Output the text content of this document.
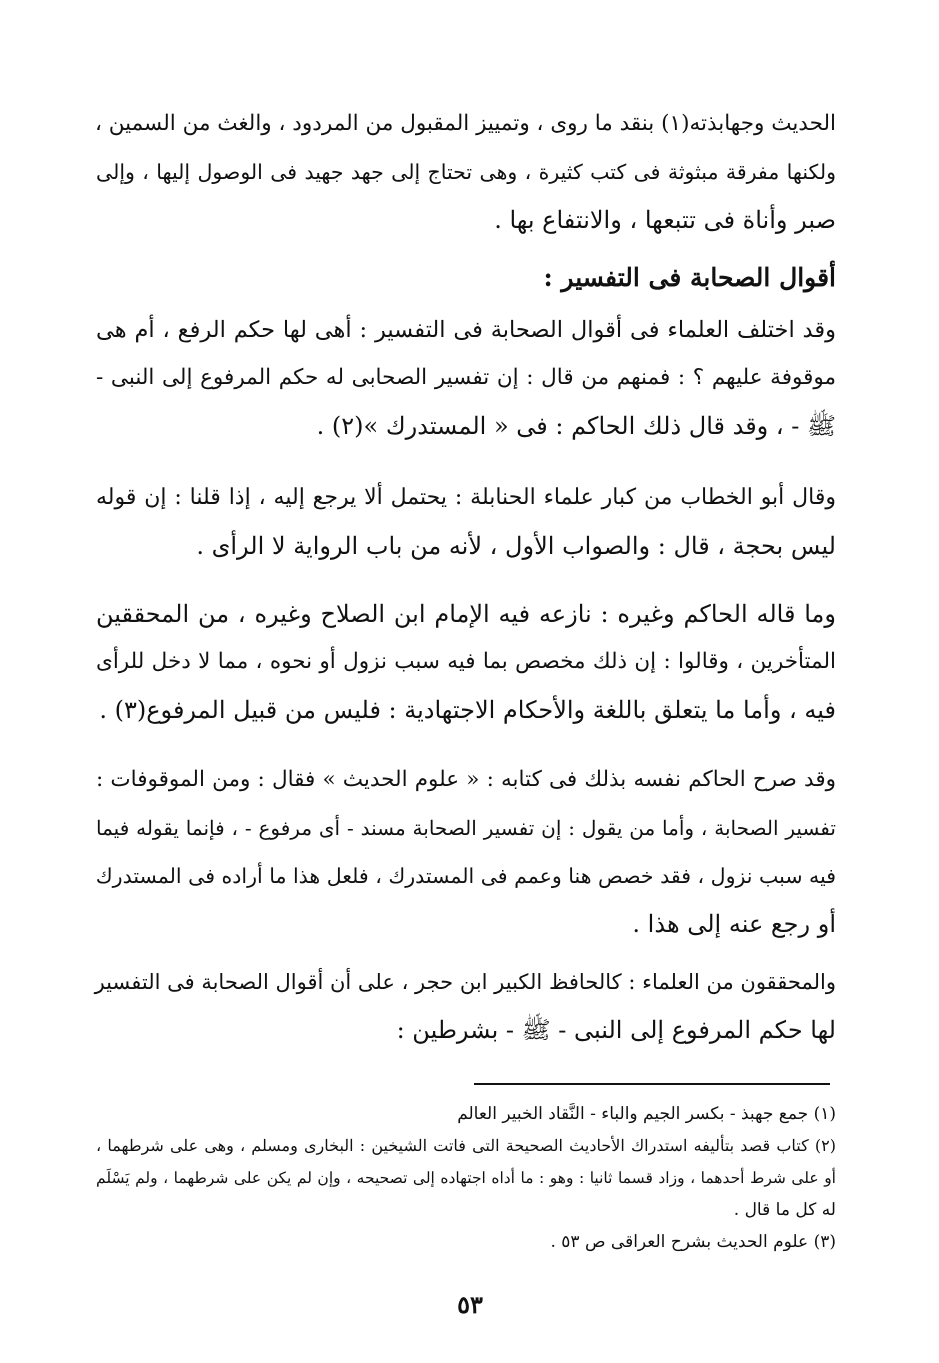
الحديث وجهابذته(١) بنقد ما روى ، وتمييز المقبول من المردود ، والغث من السمين ،

ولكنها مفرقة مبثوثة فى كتب كثيرة ، وهى تحتاج إلى جهد جهيد فى الوصول إليها ، وإلى

صبر وأناة فى تتبعها ، والانتفاع بها .

أقوال الصحابة فى التفسير :

وقد اختلف العلماء فى أقوال الصحابة فى التفسير : أهى لها حكم الرفع ، أم هى

موقوفة عليهم ؟ : فمنهم من قال : إن تفسير الصحابى له حكم المرفوع إلى النبى -

ﷺ - ، وقد قال ذلك الحاكم : فى « المستدرك »(٢) .

وقال أبو الخطاب من كبار علماء الحنابلة : يحتمل ألا يرجع إليه ، إذا قلنا : إن قوله

ليس بحجة ، قال : والصواب الأول ، لأنه من باب الرواية لا الرأى .

وما قاله الحاكم وغيره : نازعه فيه الإمام ابن الصلاح وغيره ، من المحققين

المتأخرين ، وقالوا : إن ذلك مخصص بما فيه سبب نزول أو نحوه ، مما لا دخل للرأى

فيه ، وأما ما يتعلق باللغة والأحكام الاجتهادية : فليس من قبيل المرفوع(٣) .

وقد صرح الحاكم نفسه بذلك فى كتابه : « علوم الحديث » فقال : ومن الموقوفات :

تفسير الصحابة ، وأما من يقول : إن تفسير الصحابة مسند - أى مرفوع - ، فإنما يقوله فيما

فيه سبب نزول ، فقد خصص هنا وعمم فى المستدرك ، فلعل هذا ما أراده فى المستدرك

أو رجع عنه إلى هذا .

والمحققون من العلماء : كالحافظ الكبير ابن حجر ، على أن أقوال الصحابة فى التفسير

لها حكم المرفوع إلى النبى - ﷺ - بشرطين :

(١) جمع جهبذ - بكسر الجيم والباء - النَّقاد الخبير العالم
(٢) كتاب قصد بتأليفه استدراك الأحاديث الصحيحة التى فاتت الشيخين : البخارى ومسلم ، وهى على شرطهما ،
أو على شرط أحدهما ، وزاد قسما ثانيا : وهو : ما أداه اجتهاده إلى تصحيحه ، وإن لم يكن على شرطهما ، ولم يَسْلَم
له كل ما قال .
(٣) علوم الحديث بشرح العراقى ص ٥٣ .
٥٣
